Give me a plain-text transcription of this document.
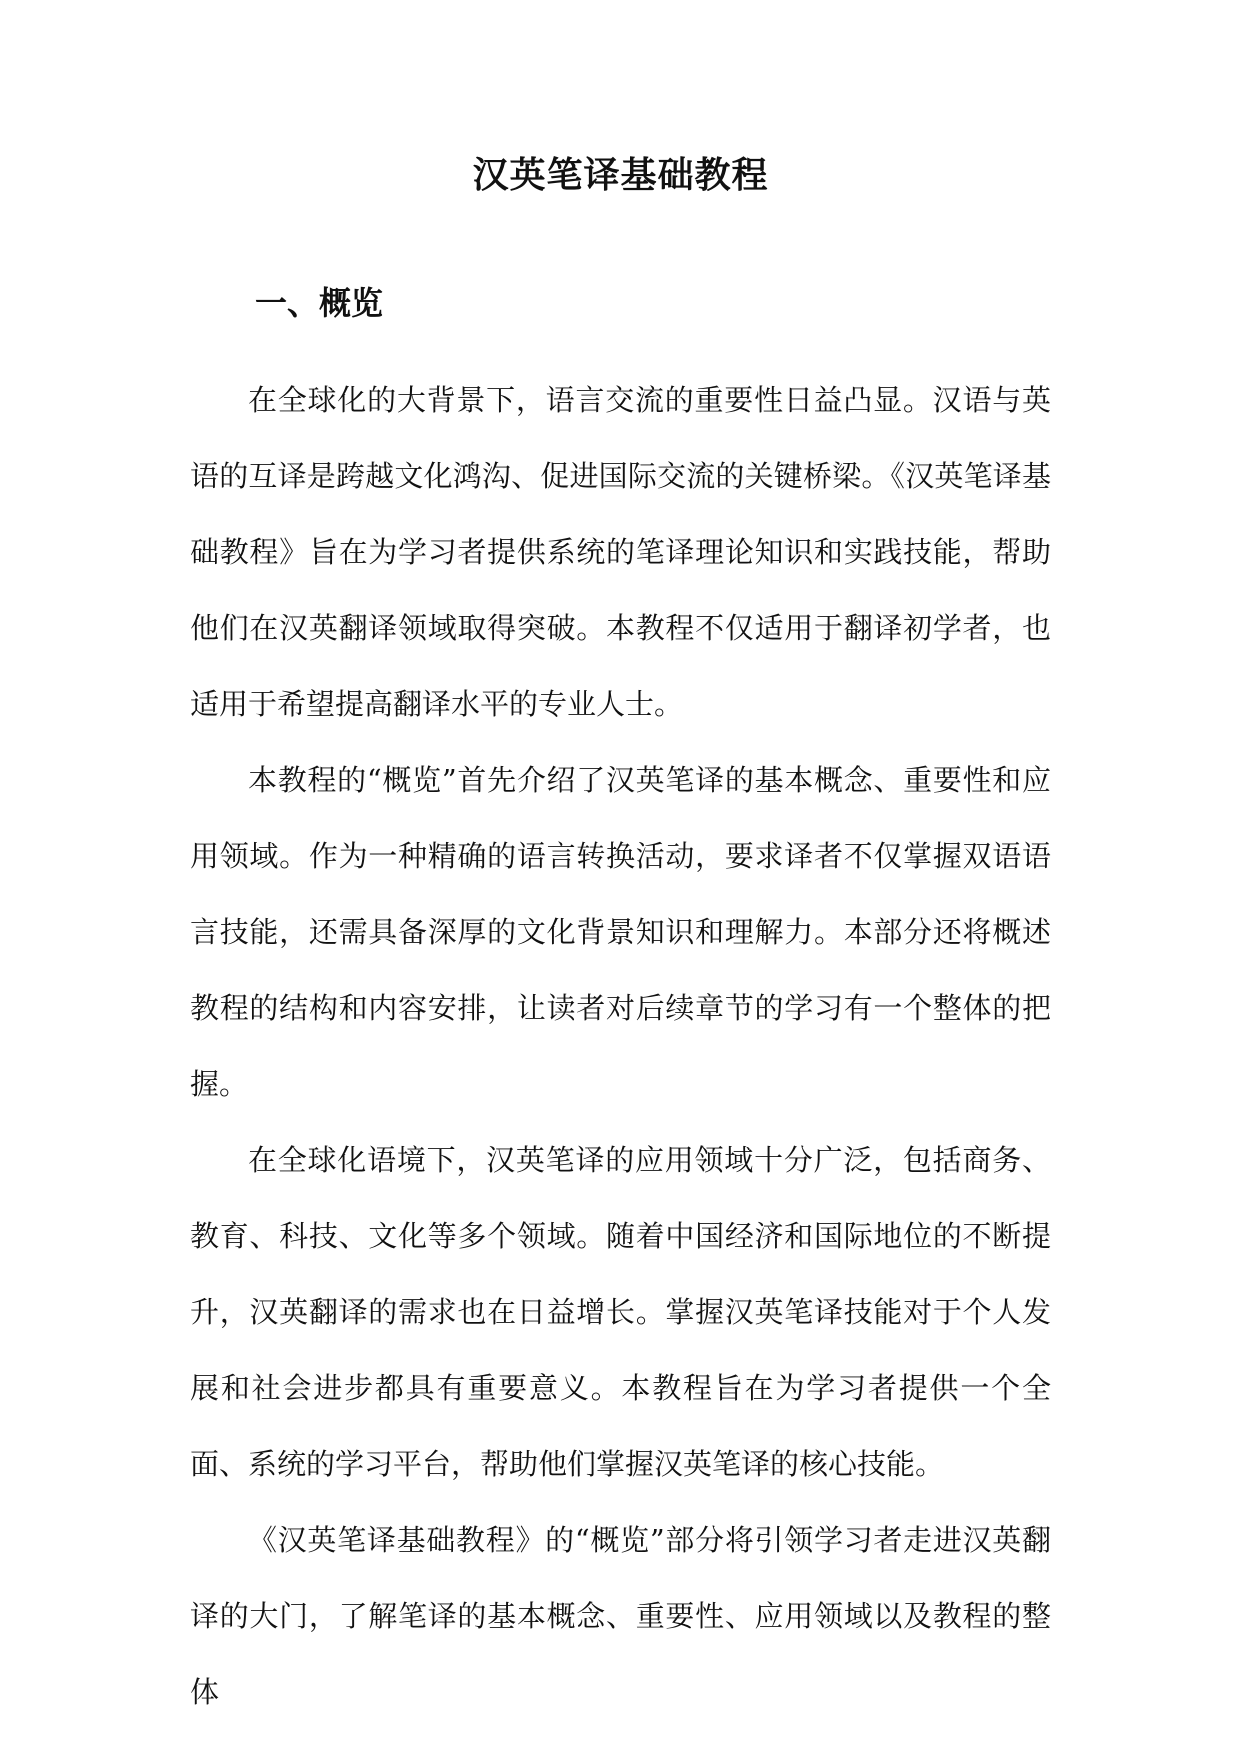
汉英笔译基础教程
一、概览

在全球化的大背景下，语言交流的重要性日益凸显。汉语与英语的互译是跨越文化鸿沟、促进国际交流的关键桥梁。《汉英笔译基础教程》旨在为学习者提供系统的笔译理论知识和实践技能，帮助他们在汉英翻译领域取得突破。本教程不仅适用于翻译初学者，也适用于希望提高翻译水平的专业人士。

本教程的“概览”首先介绍了汉英笔译的基本概念、重要性和应用领域。作为一种精确的语言转换活动，要求译者不仅掌握双语语言技能，还需具备深厚的文化背景知识和理解力。本部分还将概述教程的结构和内容安排，让读者对后续章节的学习有一个整体的把握。

在全球化语境下，汉英笔译的应用领域十分广泛，包括商务、教育、科技、文化等多个领域。随着中国经济和国际地位的不断提升，汉英翻译的需求也在日益增长。掌握汉英笔译技能对于个人发展和社会进步都具有重要意义。本教程旨在为学习者提供一个全面、系统的学习平台，帮助他们掌握汉英笔译的核心技能。

《汉英笔译基础教程》的“概览”部分将引领学习者走进汉英翻译的大门，了解笔译的基本概念、重要性、应用领域以及教程的整体
